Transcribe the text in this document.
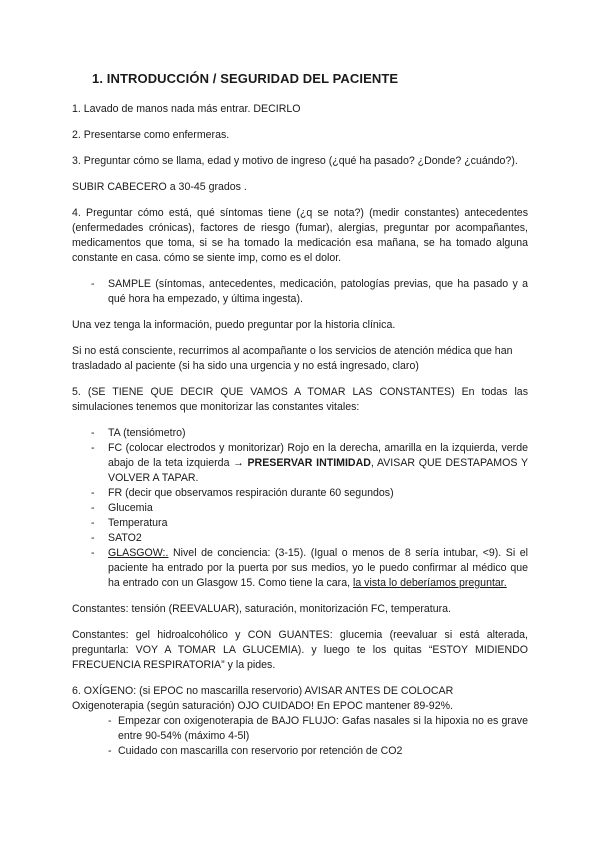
1. INTRODUCCIÓN / SEGURIDAD DEL PACIENTE

1. Lavado de manos nada más entrar. DECIRLO

2. Presentarse como enfermeras.

3. Preguntar cómo se llama, edad y motivo de ingreso (¿qué ha pasado? ¿Donde? ¿cuándo?).

SUBIR CABECERO a 30-45 grados .

4. Preguntar cómo está, qué síntomas tiene (¿q se nota?) (medir constantes) antecedentes (enfermedades crónicas), factores de riesgo (fumar), alergias, preguntar por acompañantes, medicamentos que toma, si se ha tomado la medicación esa mañana, se ha tomado alguna constante en casa. cómo se siente imp, como es el dolor.

- SAMPLE (síntomas, antecedentes, medicación, patologías previas, que ha pasado y a qué hora ha empezado, y última ingesta).

Una vez tenga la información, puedo preguntar por la historia clínica.

Si no está consciente, recurrimos al acompañante o los servicios de atención médica que han trasladado al paciente (si ha sido una urgencia y no está ingresado, claro)

5. (SE TIENE QUE DECIR QUE VAMOS A TOMAR LAS CONSTANTES) En todas las simulaciones tenemos que monitorizar las constantes vitales:

- TA (tensiómetro)
- FC (colocar electrodos y monitorizar) Rojo en la derecha, amarilla en la izquierda, verde abajo de la teta izquierda → PRESERVAR INTIMIDAD, AVISAR QUE DESTAPAMOS Y VOLVER A TAPAR.
- FR (decir que observamos respiración durante 60 segundos)
- Glucemia
- Temperatura
- SATO2
- GLASGOW:. Nivel de conciencia: (3-15). (Igual o menos de 8 sería intubar, <9). Si el paciente ha entrado por la puerta por sus medios, yo le puedo confirmar al médico que ha entrado con un Glasgow 15. Como tiene la cara, la vista lo deberíamos preguntar.

Constantes: tensión (REEVALUAR), saturación, monitorización FC, temperatura.

Constantes: gel hidroalcohólico y CON GUANTES: glucemia (reevaluar si está alterada, preguntarla: VOY A TOMAR LA GLUCEMIA). y luego te los quitas “ESTOY MIDIENDO FRECUENCIA RESPIRATORIA” y la pides.

6. OXÍGENO: (si EPOC no mascarilla reservorio) AVISAR ANTES DE COLOCAR
Oxigenoterapia (según saturación) OJO CUIDADO! En EPOC mantener 89-92%.
- Empezar con oxigenoterapia de BAJO FLUJO: Gafas nasales si la hipoxia no es grave entre 90-54% (máximo 4-5l)
- Cuidado con mascarilla con reservorio por retención de CO2
